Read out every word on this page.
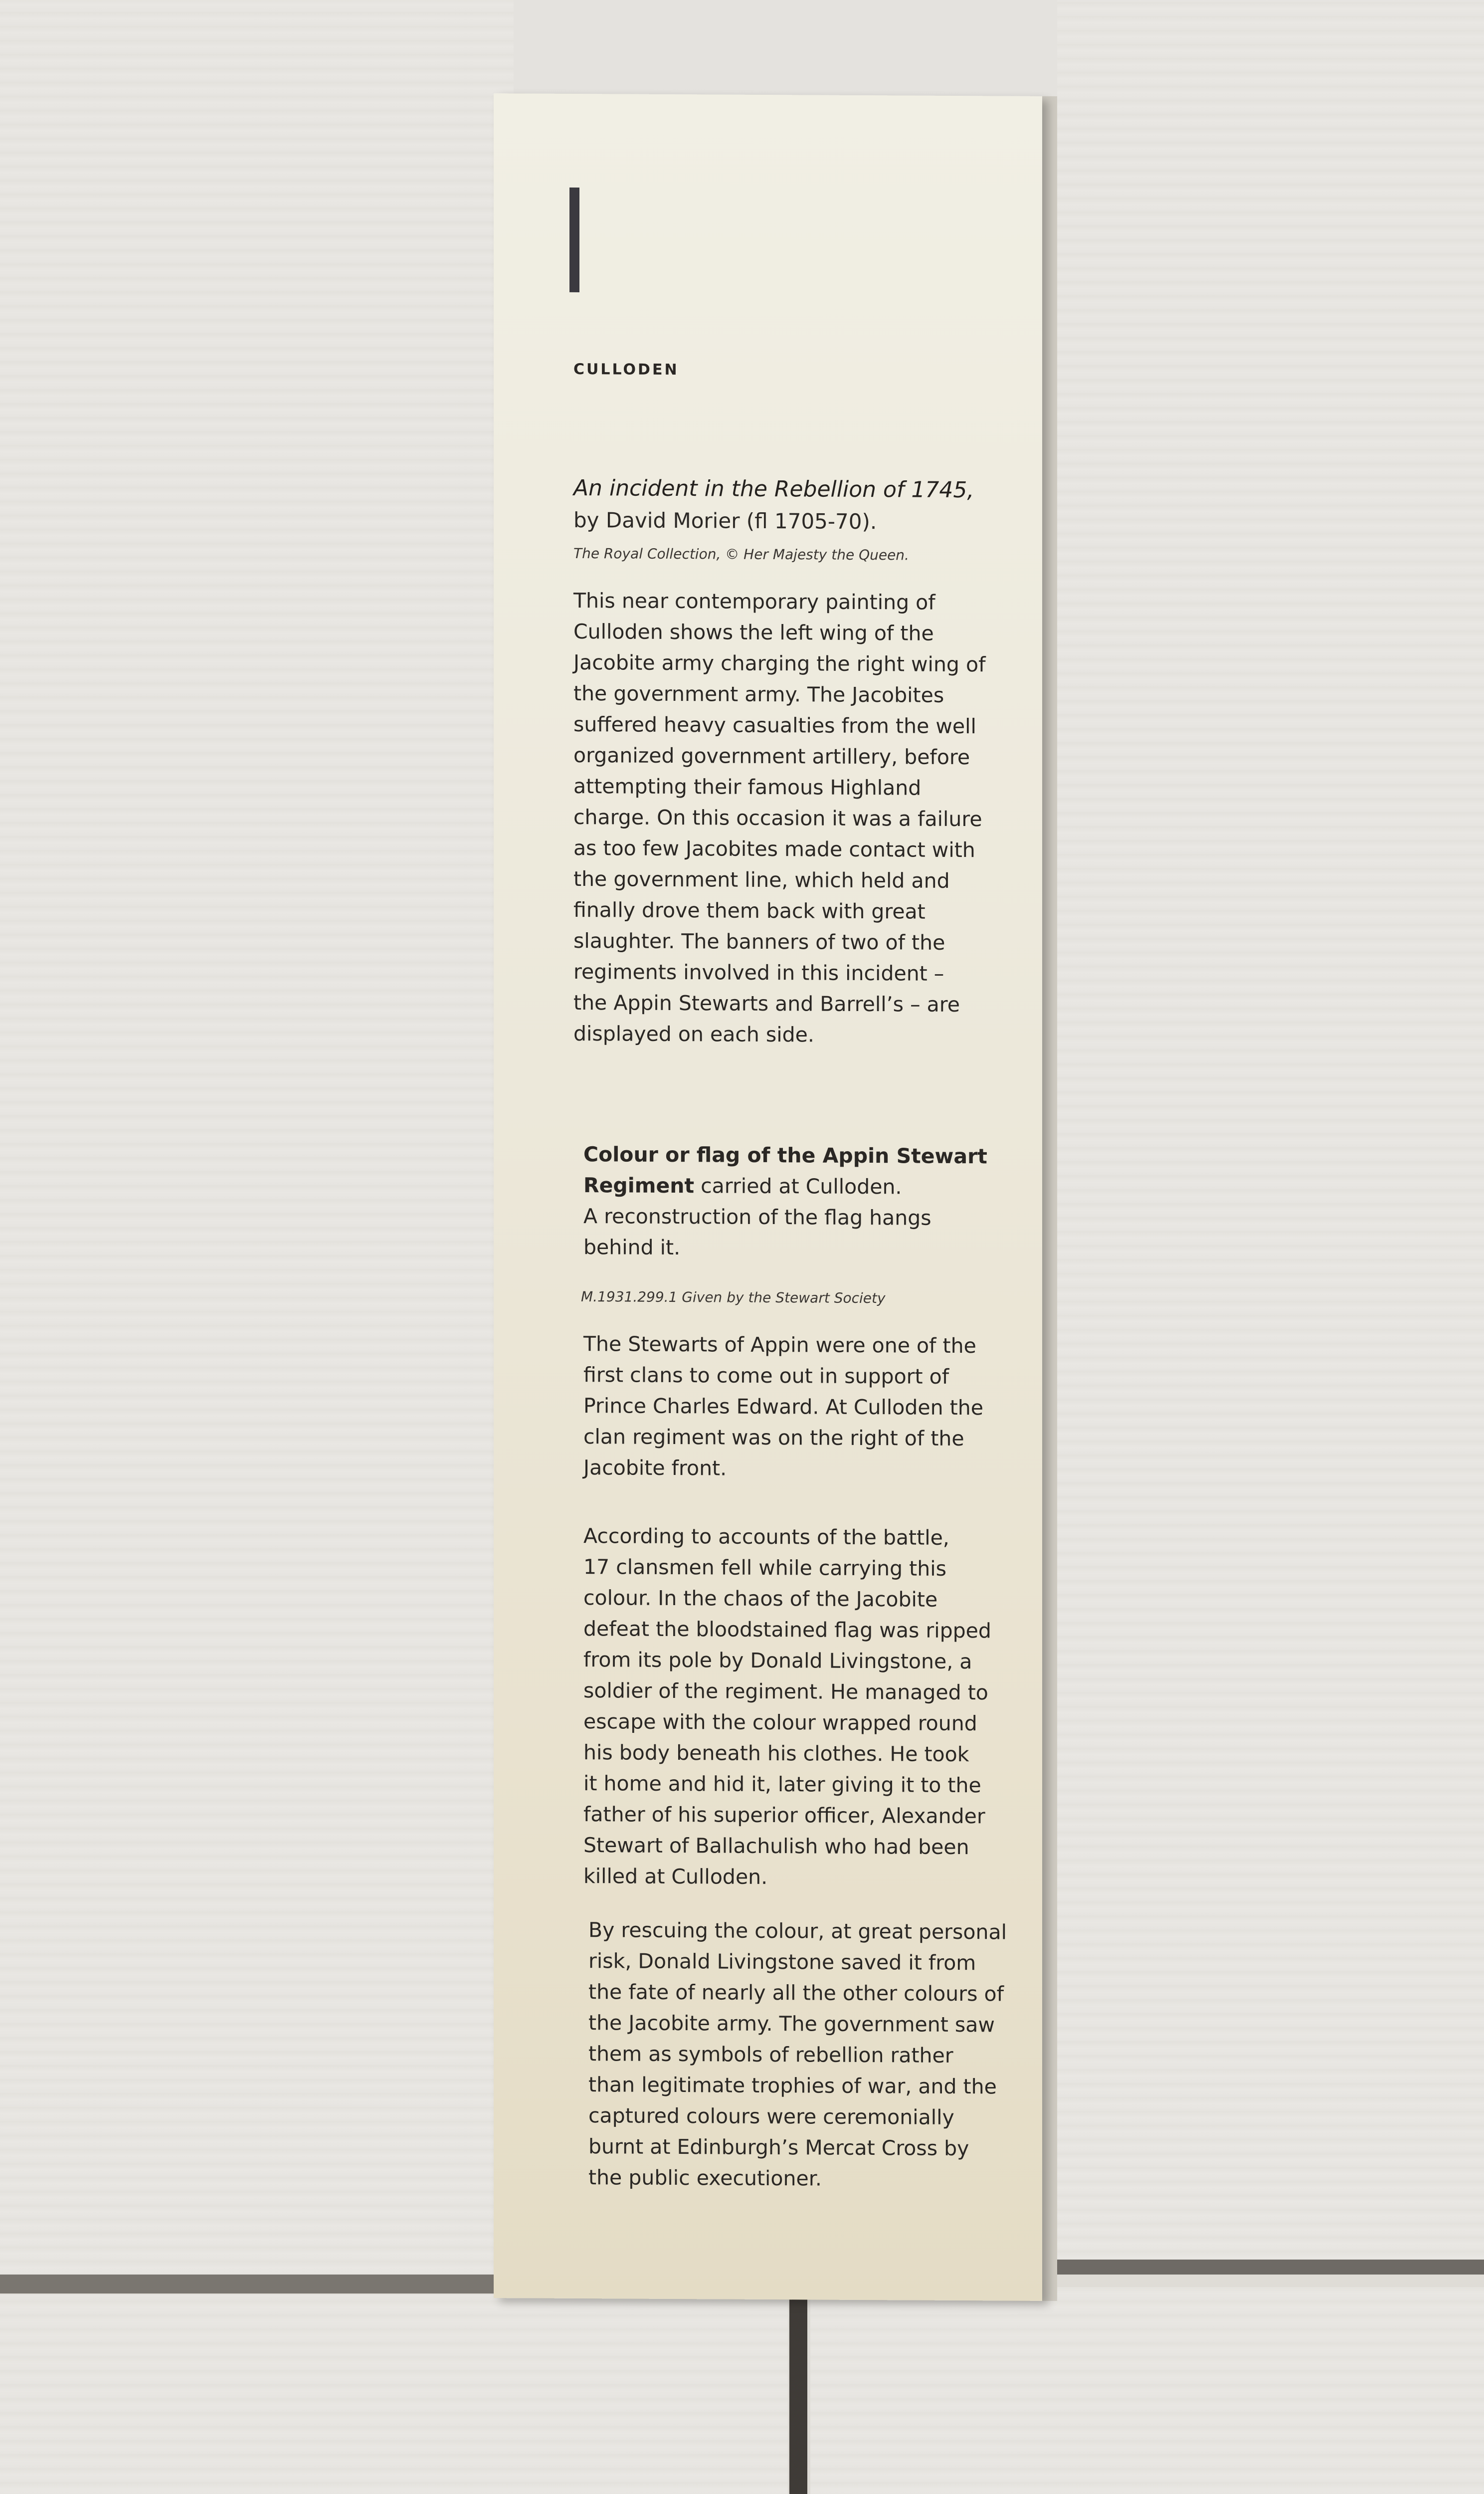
CULLODEN
An incident in the Rebellion of 1745,
by David Morier (fl 1705-70).
The Royal Collection, © Her Majesty the Queen.
This near contemporary painting of
Culloden shows the left wing of the
Jacobite army charging the right wing of
the government army. The Jacobites
suffered heavy casualties from the well
organized government artillery, before
attempting their famous Highland
charge. On this occasion it was a failure
as too few Jacobites made contact with
the government line, which held and
finally drove them back with great
slaughter. The banners of two of the
regiments involved in this incident –
the Appin Stewarts and Barrell’s – are
displayed on each side.
Colour or flag of the Appin Stewart
Regiment carried at Culloden.
A reconstruction of the flag hangs
behind it.
M.1931.299.1 Given by the Stewart Society
The Stewarts of Appin were one of the
first clans to come out in support of
Prince Charles Edward. At Culloden the
clan regiment was on the right of the
Jacobite front.
According to accounts of the battle,
17 clansmen fell while carrying this
colour. In the chaos of the Jacobite
defeat the bloodstained flag was ripped
from its pole by Donald Livingstone, a
soldier of the regiment. He managed to
escape with the colour wrapped round
his body beneath his clothes. He took
it home and hid it, later giving it to the
father of his superior officer, Alexander
Stewart of Ballachulish who had been
killed at Culloden.
By rescuing the colour, at great personal
risk, Donald Livingstone saved it from
the fate of nearly all the other colours of
the Jacobite army. The government saw
them as symbols of rebellion rather
than legitimate trophies of war, and the
captured colours were ceremonially
burnt at Edinburgh’s Mercat Cross by
the public executioner.
